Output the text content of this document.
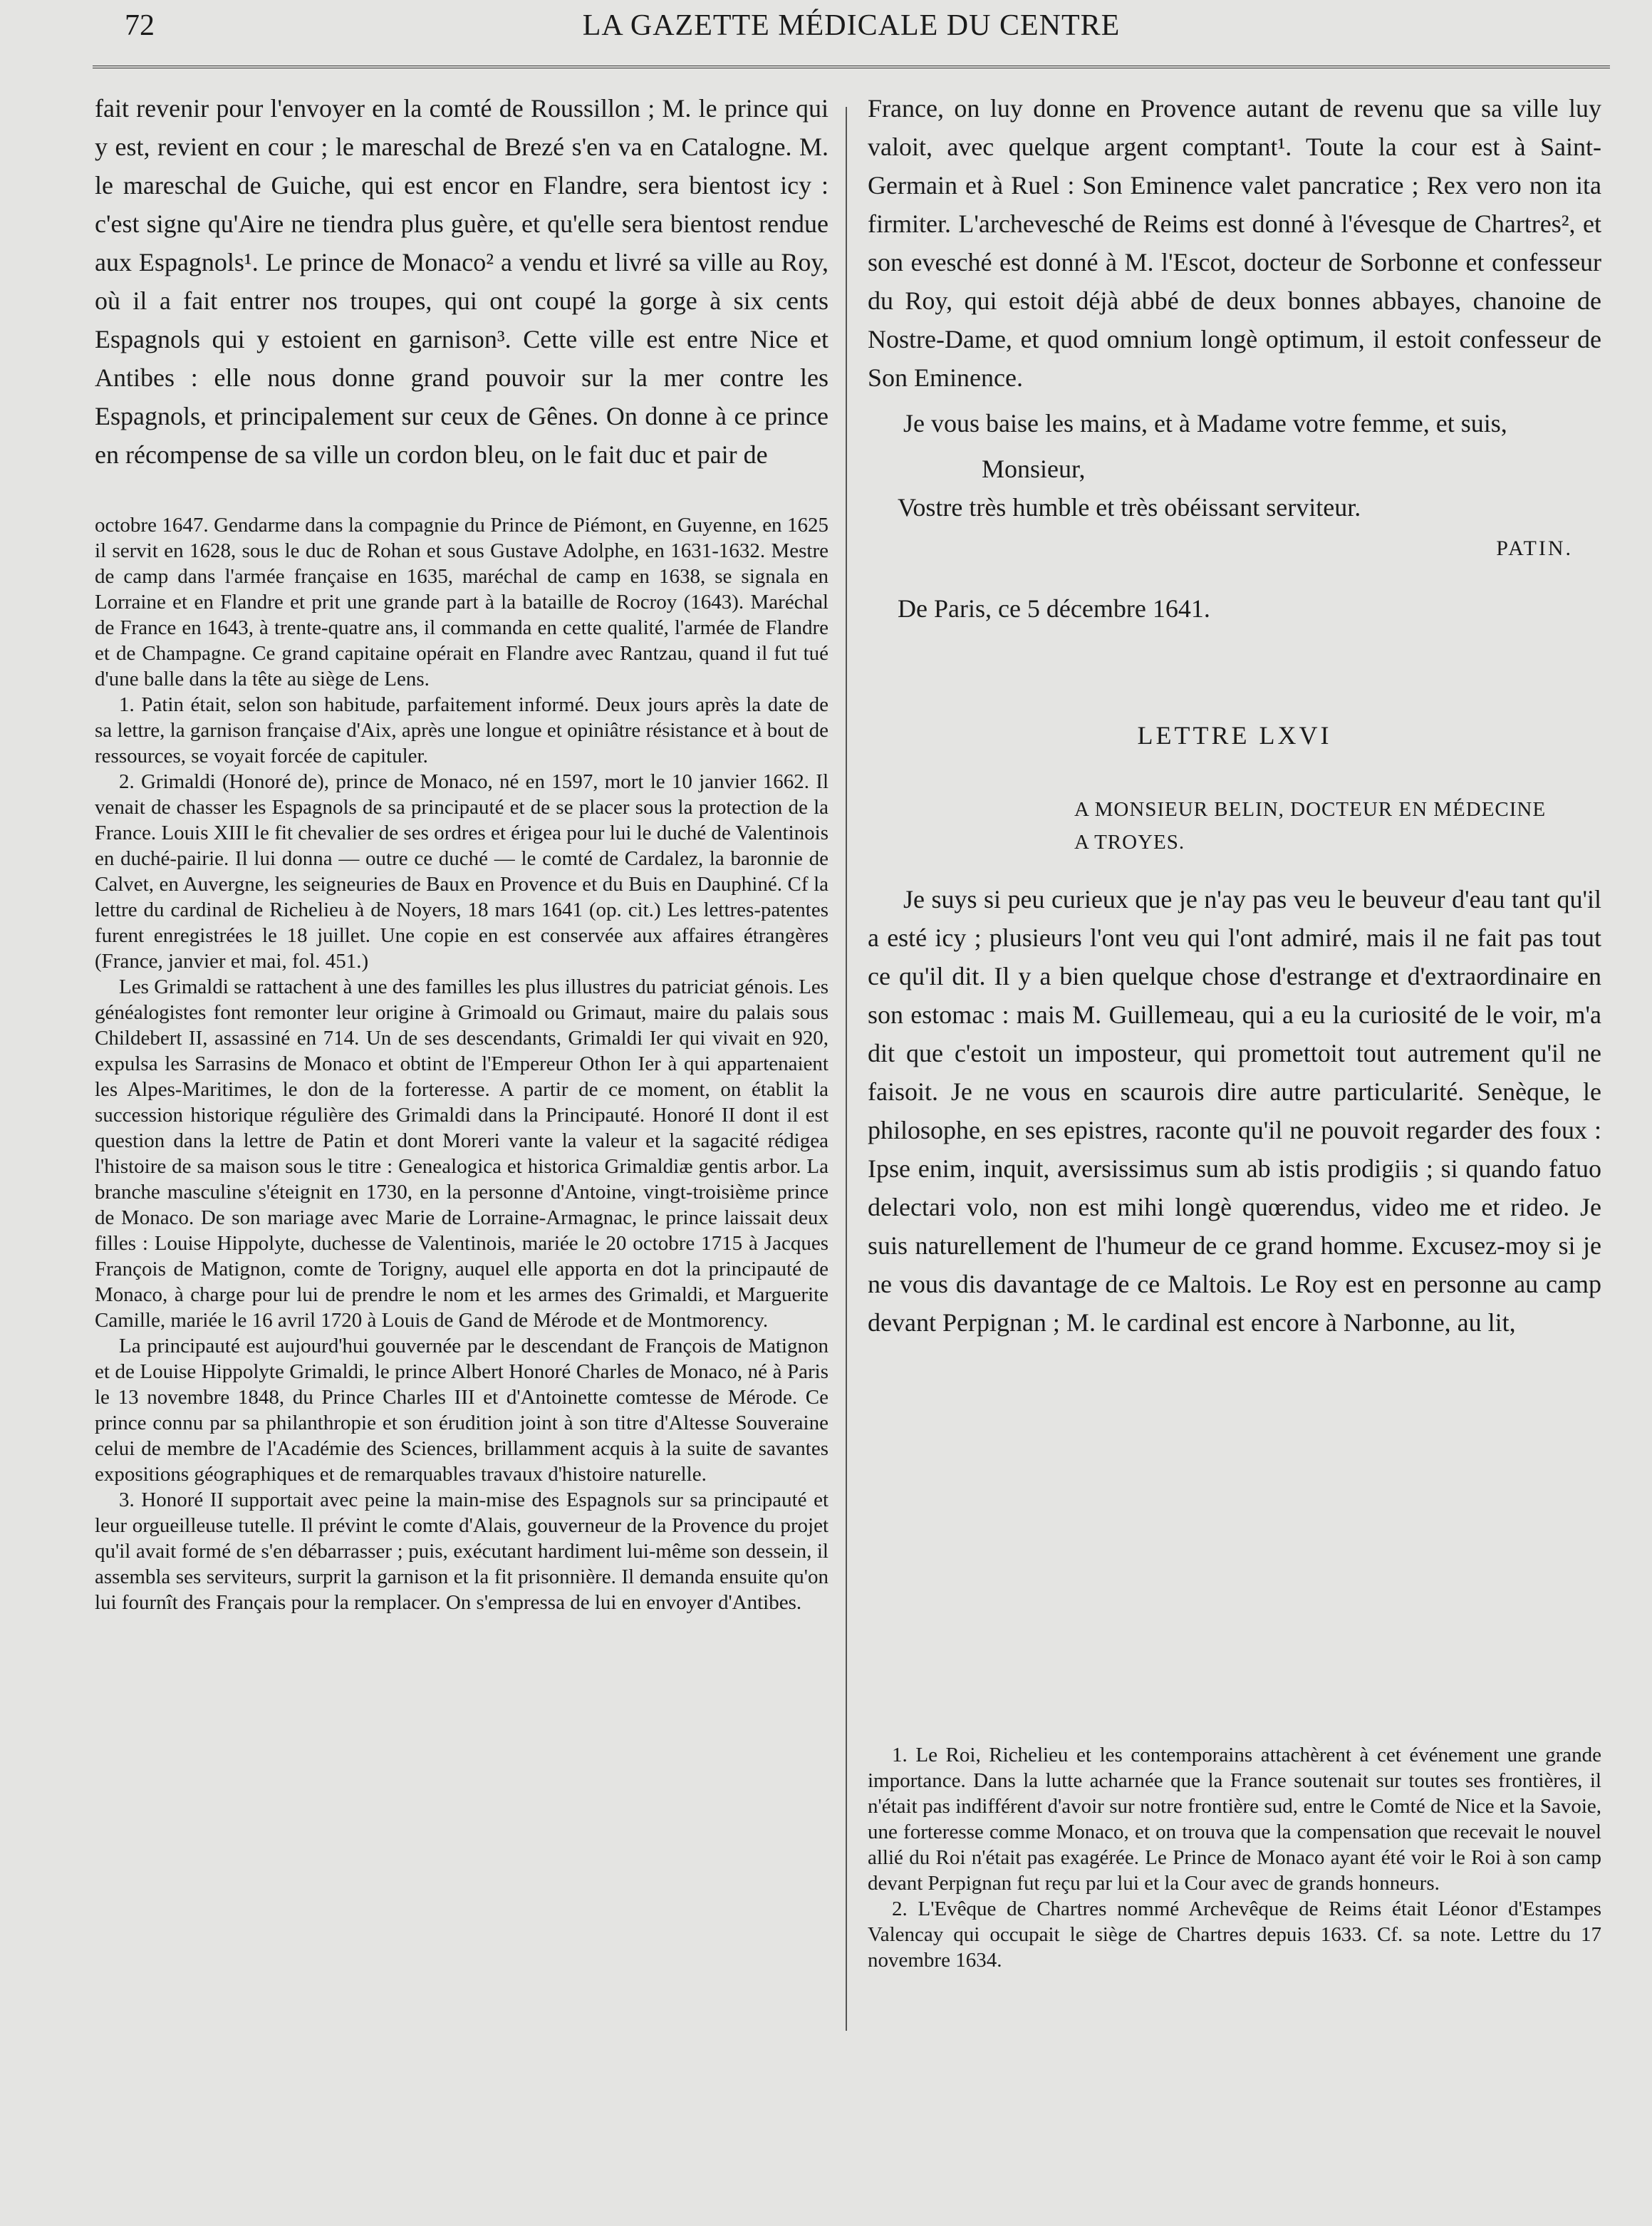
72	LA GAZETTE MÉDICALE DU CENTRE

fait revenir pour l'envoyer en la comté de Roussillon ; M. le prince qui y est, revient en cour ; le mareschal de Brezé s'en va en Catalogne. M. le mareschal de Guiche, qui est encor en Flandre, sera bientost icy : c'est signe qu'Aire ne tiendra plus guère, et qu'elle sera bientost rendue aux Espagnols¹. Le prince de Monaco² a vendu et livré sa ville au Roy, où il a fait entrer nos troupes, qui ont coupé la gorge à six cents Espagnols qui y estoient en garnison³. Cette ville est entre Nice et Antibes : elle nous donne grand pouvoir sur la mer contre les Espagnols, et principalement sur ceux de Gênes. On donne à ce prince en récompense de sa ville un cordon bleu, on le fait duc et pair de

octobre 1647. Gendarme dans la compagnie du Prince de Piémont, en Guyenne, en 1625 il servit en 1628, sous le duc de Rohan et sous Gustave Adolphe, en 1631-1632. Mestre de camp dans l'armée française en 1635, maréchal de camp en 1638, se signala en Lorraine et en Flandre et prit une grande part à la bataille de Rocroy (1643). Maréchal de France en 1643, à trente-quatre ans, il commanda en cette qualité, l'armée de Flandre et de Champagne. Ce grand capitaine opérait en Flandre avec Rantzau, quand il fut tué d'une balle dans la tête au siège de Lens.

1. Patin était, selon son habitude, parfaitement informé. Deux jours après la date de sa lettre, la garnison française d'Aix, après une longue et opiniâtre résistance et à bout de ressources, se voyait forcée de capituler.

2. Grimaldi (Honoré de), prince de Monaco, né en 1597, mort le 10 janvier 1662. Il venait de chasser les Espagnols de sa principauté et de se placer sous la protection de la France. Louis XIII le fit chevalier de ses ordres et érigea pour lui le duché de Valentinois en duché-pairie. Il lui donna — outre ce duché — le comté de Cardalez, la baronnie de Calvet, en Auvergne, les seigneuries de Baux en Provence et du Buis en Dauphiné. Cf la lettre du cardinal de Richelieu à de Noyers, 18 mars 1641 (op. cit.) Les lettres-patentes furent enregistrées le 18 juillet. Une copie en est conservée aux affaires étrangères (France, janvier et mai, fol. 451.)

Les Grimaldi se rattachent à une des familles les plus illustres du patriciat génois. Les généalogistes font remonter leur origine à Grimoald ou Grimaut, maire du palais sous Childebert II, assassiné en 714. Un de ses descendants, Grimaldi Ier qui vivait en 920, expulsa les Sarrasins de Monaco et obtint de l'Empereur Othon Ier à qui appartenaient les Alpes-Maritimes, le don de la forteresse. A partir de ce moment, on établit la succession historique régulière des Grimaldi dans la Principauté. Honoré II dont il est question dans la lettre de Patin et dont Moreri vante la valeur et la sagacité rédigea l'histoire de sa maison sous le titre : Genealogica et historica Grimaldiæ gentis arbor. La branche masculine s'éteignit en 1730, en la personne d'Antoine, vingt-troisième prince de Monaco. De son mariage avec Marie de Lorraine-Armagnac, le prince laissait deux filles : Louise Hippolyte, duchesse de Valentinois, mariée le 20 octobre 1715 à Jacques François de Matignon, comte de Torigny, auquel elle apporta en dot la principauté de Monaco, à charge pour lui de prendre le nom et les armes des Grimaldi, et Marguerite Camille, mariée le 16 avril 1720 à Louis de Gand de Mérode et de Montmorency.

La principauté est aujourd'hui gouvernée par le descendant de François de Matignon et de Louise Hippolyte Grimaldi, le prince Albert Honoré Charles de Monaco, né à Paris le 13 novembre 1848, du Prince Charles III et d'Antoinette comtesse de Mérode. Ce prince connu par sa philanthropie et son érudition joint à son titre d'Altesse Souveraine celui de membre de l'Académie des Sciences, brillamment acquis à la suite de savantes expositions géographiques et de remarquables travaux d'histoire naturelle.

3. Honoré II supportait avec peine la main-mise des Espagnols sur sa principauté et leur orgueilleuse tutelle. Il prévint le comte d'Alais, gouverneur de la Provence du projet qu'il avait formé de s'en débarrasser ; puis, exécutant hardiment lui-même son dessein, il assembla ses serviteurs, surprit la garnison et la fit prisonnière. Il demanda ensuite qu'on lui fournît des Français pour la remplacer. On s'empressa de lui en envoyer d'Antibes.

France, on luy donne en Provence autant de revenu que sa ville luy valoit, avec quelque argent comptant¹. Toute la cour est à Saint-Germain et à Ruel : Son Eminence valet pancratice ; Rex vero non ita firmiter. L'archevesché de Reims est donné à l'évesque de Chartres², et son evesché est donné à M. l'Escot, docteur de Sorbonne et confesseur du Roy, qui estoit déjà abbé de deux bonnes abbayes, chanoine de Nostre-Dame, et quod omnium longè optimum, il estoit confesseur de Son Eminence.

Je vous baise les mains, et à Madame votre femme, et suis,

Monsieur,

Vostre très humble et très obéissant serviteur.

PATIN.

De Paris, ce 5 décembre 1641.

LETTRE LXVI
A MONSIEUR BELIN, DOCTEUR EN MÉDECINE
A TROYES.

Je suys si peu curieux que je n'ay pas veu le beuveur d'eau tant qu'il a esté icy ; plusieurs l'ont veu qui l'ont admiré, mais il ne fait pas tout ce qu'il dit. Il y a bien quelque chose d'estrange et d'extraordinaire en son estomac : mais M. Guillemeau, qui a eu la curiosité de le voir, m'a dit que c'estoit un imposteur, qui promettoit tout autrement qu'il ne faisoit. Je ne vous en scaurois dire autre particularité. Senèque, le philosophe, en ses epistres, raconte qu'il ne pouvoit regarder des foux : Ipse enim, inquit, aversissimus sum ab istis prodigiis ; si quando fatuo delectari volo, non est mihi longè quœrendus, video me et rideo. Je suis naturellement de l'humeur de ce grand homme. Excusez-moy si je ne vous dis davantage de ce Maltois. Le Roy est en personne au camp devant Perpignan ; M. le cardinal est encore à Narbonne, au lit,

1. Le Roi, Richelieu et les contemporains attachèrent à cet événement une grande importance. Dans la lutte acharnée que la France soutenait sur toutes ses frontières, il n'était pas indifférent d'avoir sur notre frontière sud, entre le Comté de Nice et la Savoie, une forteresse comme Monaco, et on trouva que la compensation que recevait le nouvel allié du Roi n'était pas exagérée. Le Prince de Monaco ayant été voir le Roi à son camp devant Perpignan fut reçu par lui et la Cour avec de grands honneurs.

2. L'Evêque de Chartres nommé Archevêque de Reims était Léonor d'Estampes Valencay qui occupait le siège de Chartres depuis 1633. Cf. sa note. Lettre du 17 novembre 1634.
